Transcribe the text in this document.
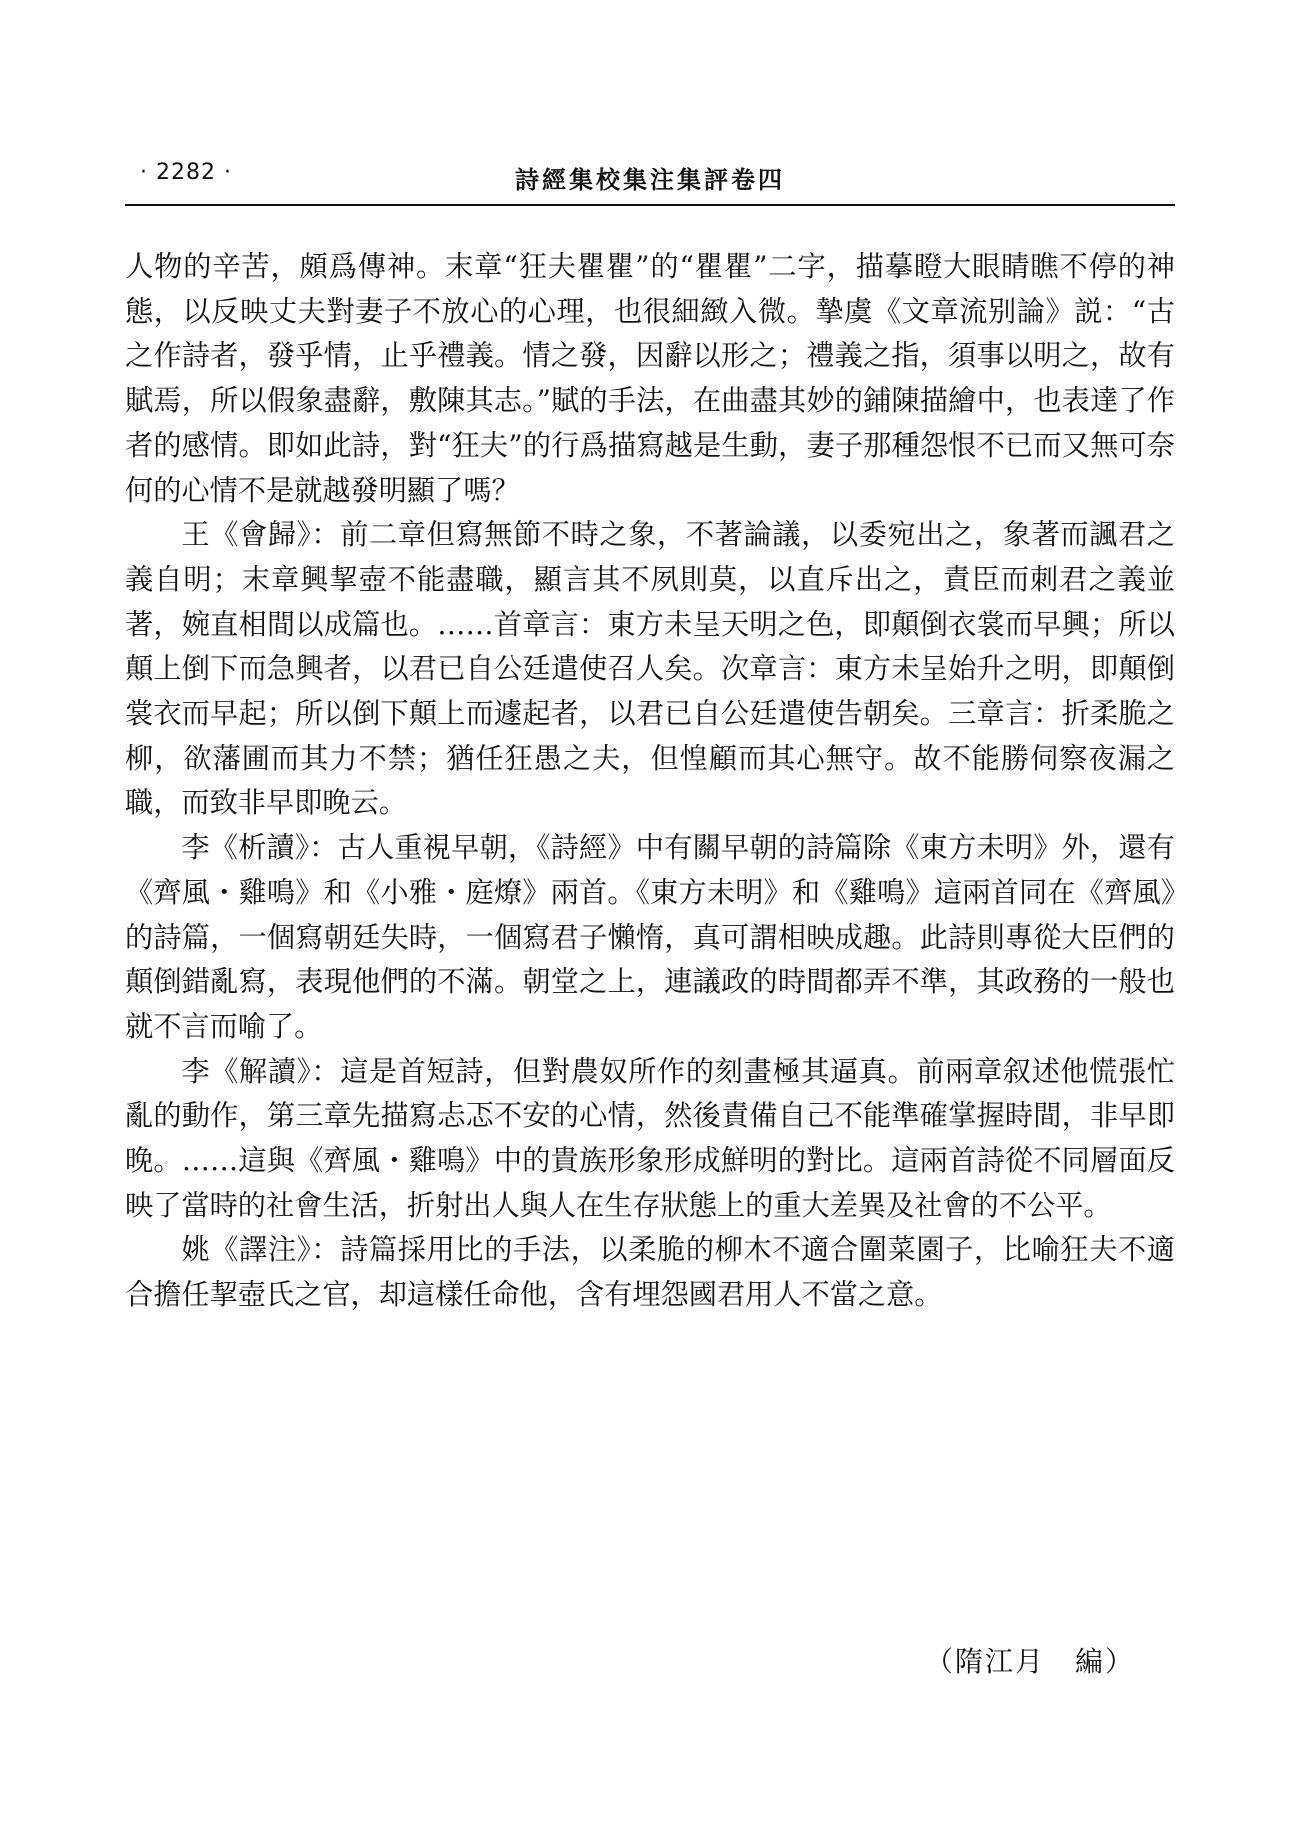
· 2282 ·	詩經集校集注集評卷四

人物的辛苦，頗爲傳神。末章“狂夫瞿瞿”的“瞿瞿”二字，描摹瞪大眼睛瞧不停的神態，以反映丈夫對妻子不放心的心理，也很細緻入微。摯虞《文章流别論》説：“古之作詩者，發乎情，止乎禮義。情之發，因辭以形之；禮義之指，須事以明之，故有賦焉，所以假象盡辭，敷陳其志。”賦的手法，在曲盡其妙的鋪陳描繪中，也表達了作者的感情。即如此詩，對“狂夫”的行爲描寫越是生動，妻子那種怨恨不已而又無可奈何的心情不是就越發明顯了嗎？

王《會歸》：前二章但寫無節不時之象，不著論議，以委宛出之，象著而諷君之義自明；末章興挈壺不能盡職，顯言其不夙則莫，以直斥出之，責臣而刺君之義並著，婉直相間以成篇也。……首章言：東方未呈天明之色，即顛倒衣裳而早興；所以顛上倒下而急興者，以君已自公廷遣使召人矣。次章言：東方未呈始升之明，即顛倒裳衣而早起；所以倒下顛上而遽起者，以君已自公廷遣使告朝矣。三章言：折柔脆之柳，欲藩圃而其力不禁；猶任狂愚之夫，但惶顧而其心無守。故不能勝伺察夜漏之職，而致非早即晚云。

李《析讀》：古人重視早朝，《詩經》中有關早朝的詩篇除《東方未明》外，還有《齊風・雞鳴》和《小雅・庭燎》兩首。《東方未明》和《雞鳴》這兩首同在《齊風》的詩篇，一個寫朝廷失時，一個寫君子懶惰，真可謂相映成趣。此詩則專從大臣們的顛倒錯亂寫，表現他們的不滿。朝堂之上，連議政的時間都弄不準，其政務的一般也就不言而喻了。

李《解讀》：這是首短詩，但對農奴所作的刻畫極其逼真。前兩章叙述他慌張忙亂的動作，第三章先描寫忐忑不安的心情，然後責備自己不能準確掌握時間，非早即晚。……這與《齊風・雞鳴》中的貴族形象形成鮮明的對比。這兩首詩從不同層面反映了當時的社會生活，折射出人與人在生存狀態上的重大差異及社會的不公平。

姚《譯注》：詩篇採用比的手法，以柔脆的柳木不適合圍菜園子，比喻狂夫不適合擔任挈壺氏之官，却這樣任命他，含有埋怨國君用人不當之意。

（隋江月　編）
